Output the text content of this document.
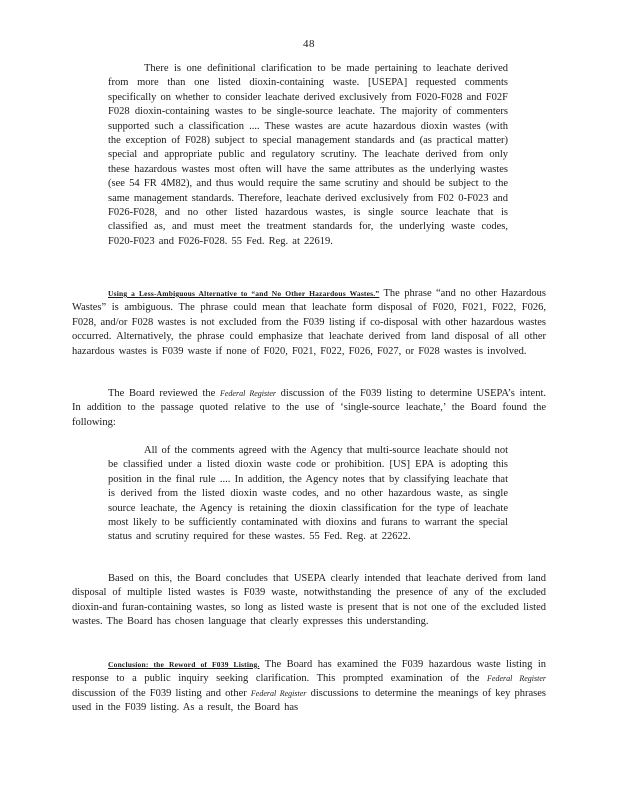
48

There is one definitional clarification to be made pertaining to leachate derived from more than one listed dioxin-containing waste. [USEPA] requested comments specifically on whether to consider leachate derived exclusively from F020-F028 and F02F F028 dioxin-containing wastes to be single-source leachate. The majority of commenters supported such a classification .... These wastes are acute hazardous dioxin wastes (with the exception of F028) subject to special management standards and (as practical matter) special and appropriate public and regulatory scrutiny. The leachate derived from only these hazardous wastes most often will have the same attributes as the underlying wastes (see 54 FR 4M82), and thus would require the same scrutiny and should be subject to the same management standards. Therefore, leachate derived exclusively from F02 0-F023 and F026-F028, and no other listed hazardous wastes, is single source leachate that is classified as, and must meet the treatment standards for, the underlying waste codes, F020-F023 and F026-F028. 55 Fed. Reg. at 22619.

Using a Less-Ambiguous Alternative to “and No Other Hazardous Wastes.” The phrase “and no other Hazardous Wastes” is ambiguous. The phrase could mean that leachate form disposal of F020, F021, F022, F026, F028, and/or F028 wastes is not excluded from the F039 listing if co-disposal with other hazardous wastes occurred. Alternatively, the phrase could emphasize that leachate derived from land disposal of all other hazardous wastes is F039 waste if none of F020, F021, F022, F026, F027, or F028 wastes is involved.

The Board reviewed the Federal Register discussion of the F039 listing to determine USEPA’s intent. In addition to the passage quoted relative to the use of ‘single-source leachate,’ the Board found the following:

All of the comments agreed with the Agency that multi-source leachate should not be classified under a listed dioxin waste code or prohibition. [US] EPA is adopting this position in the final rule .... In addition, the Agency notes that by classifying leachate that is derived from the listed dioxin waste codes, and no other hazardous waste, as single source leachate, the Agency is retaining the dioxin classification for the type of leachate most likely to be sufficiently contaminated with dioxins and furans to warrant the special status and scrutiny required for these wastes. 55 Fed. Reg. at 22622.

Based on this, the Board concludes that USEPA clearly intended that leachate derived from land disposal of multiple listed wastes is F039 waste, notwithstanding the presence of any of the excluded dioxin-and furan-containing wastes, so long as listed waste is present that is not one of the excluded listed wastes. The Board has chosen language that clearly expresses this understanding.

Conclusion: the Reword of F039 Listing. The Board has examined the F039 hazardous waste listing in response to a public inquiry seeking clarification. This prompted examination of the Federal Register discussion of the F039 listing and other Federal Register discussions to determine the meanings of key phrases used in the F039 listing. As a result, the Board has
